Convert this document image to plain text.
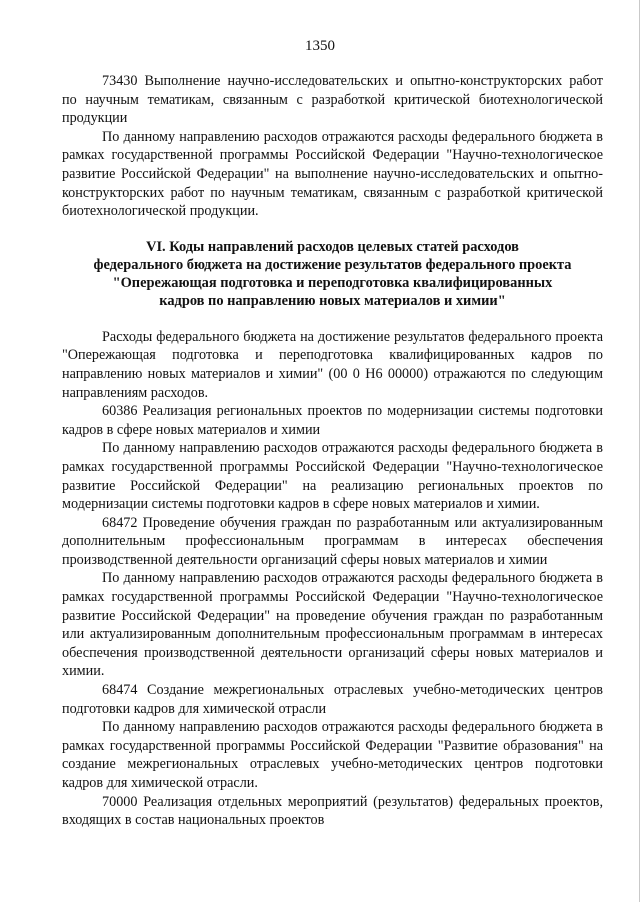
1350

73430 Выполнение научно-исследовательских и опытно-конструкторских работ по научным тематикам, связанным с разработкой критической биотехнологической продукции

По данному направлению расходов отражаются расходы федерального бюджета в рамках государственной программы Российской Федерации "Научно-технологическое развитие Российской Федерации" на выполнение научно-исследовательских и опытно-конструкторских работ по научным тематикам, связанным с разработкой критической биотехнологической продукции.

VI. Коды направлений расходов целевых статей расходов
федерального бюджета на достижение результатов федерального проекта
"Опережающая подготовка и переподготовка квалифицированных
кадров по направлению новых материалов и химии"

Расходы федерального бюджета на достижение результатов федерального проекта "Опережающая подготовка и переподготовка квалифицированных кадров по направлению новых материалов и химии" (00 0 Н6 00000) отражаются по следующим направлениям расходов.

60386 Реализация региональных проектов по модернизации системы подготовки кадров в сфере новых материалов и химии

По данному направлению расходов отражаются расходы федерального бюджета в рамках государственной программы Российской Федерации "Научно-технологическое развитие Российской Федерации" на реализацию региональных проектов по модернизации системы подготовки кадров в сфере новых материалов и химии.

68472 Проведение обучения граждан по разработанным или актуализированным дополнительным профессиональным программам в интересах обеспечения производственной деятельности организаций сферы новых материалов и химии

По данному направлению расходов отражаются расходы федерального бюджета в рамках государственной программы Российской Федерации "Научно-технологическое развитие Российской Федерации" на проведение обучения граждан по разработанным или актуализированным дополнительным профессиональным программам в интересах обеспечения производственной деятельности организаций сферы новых материалов и химии.

68474 Создание межрегиональных отраслевых учебно-методических центров подготовки кадров для химической отрасли

По данному направлению расходов отражаются расходы федерального бюджета в рамках государственной программы Российской Федерации "Развитие образования" на создание межрегиональных отраслевых учебно-методических центров подготовки кадров для химической отрасли.

70000 Реализация отдельных мероприятий (результатов) федеральных проектов, входящих в состав национальных проектов
